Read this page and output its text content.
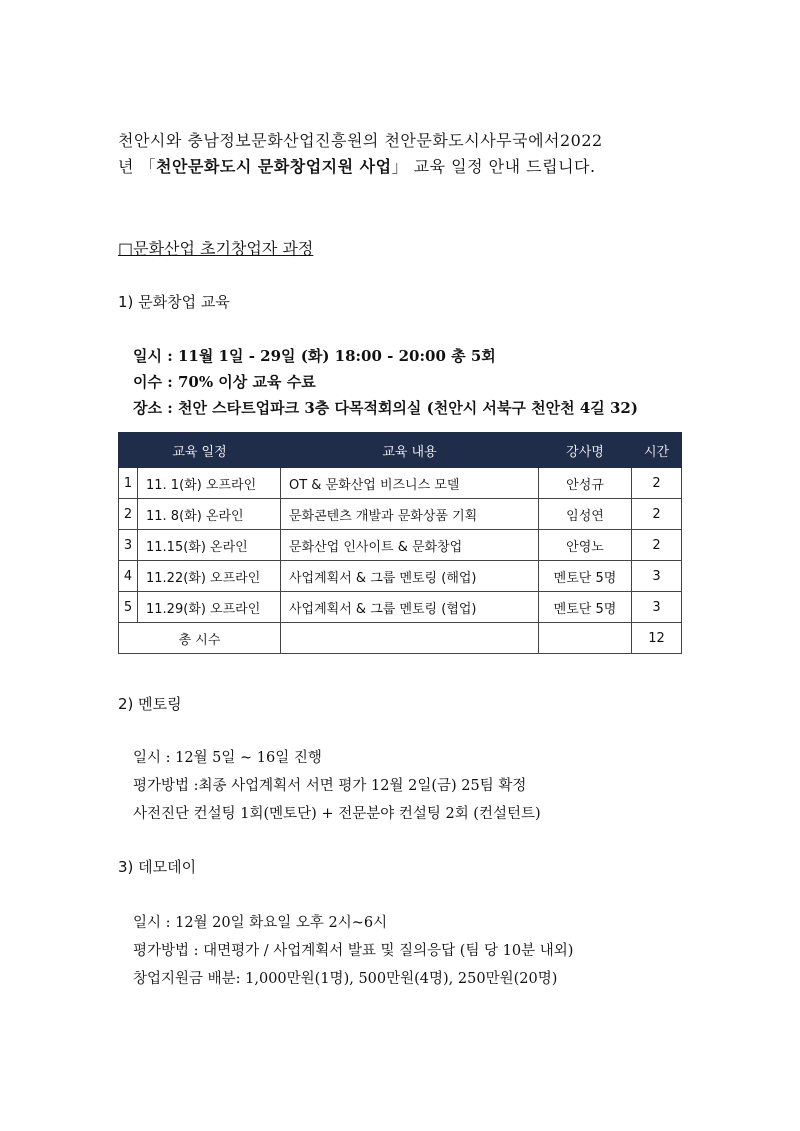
천안시와 충남정보문화산업진흥원의 천안문화도시사무국에서2022
년 「천안문화도시 문화창업지원 사업」 교육 일정 안내 드립니다.
□문화산업 초기창업자 과정
1) 문화창업 교육
일시 : 11월 1일 - 29일 (화) 18:00 - 20:00 총 5회
이수 : 70% 이상 교육 수료
장소 : 천안 스타트업파크 3층 다목적회의실 (천안시 서북구 천안천 4길 32)
교육 일정		교육 내용	강사명	시간
1	11. 1(화) 오프라인	OT & 문화산업 비즈니스 모델	안성규	2
2	11. 8(화) 온라인	문화콘텐츠 개발과 문화상품 기획	임성연	2
3	11.15(화) 온라인	문화산업 인사이트 & 문화창업	안영노	2
4	11.22(화) 오프라인	사업계획서 & 그룹 멘토링 (해업)	멘토단 5명	3
5	11.29(화) 오프라인	사업계획서 & 그룹 멘토링 (협업)	멘토단 5명	3
총 시수				12
2) 멘토링
일시 : 12월 5일 ~ 16일 진행
평가방법 :최종 사업계획서 서면 평가 12월 2일(금) 25팀 확정
사전진단 컨설팅 1회(멘토단) + 전문분야 컨설팅 2회 (컨설턴트)
3) 데모데이
일시 : 12월 20일 화요일 오후 2시~6시
평가방법 : 대면평가 / 사업계획서 발표 및 질의응답 (팀 당 10분 내외)
창업지원금 배분: 1,000만원(1명), 500만원(4명), 250만원(20명)
